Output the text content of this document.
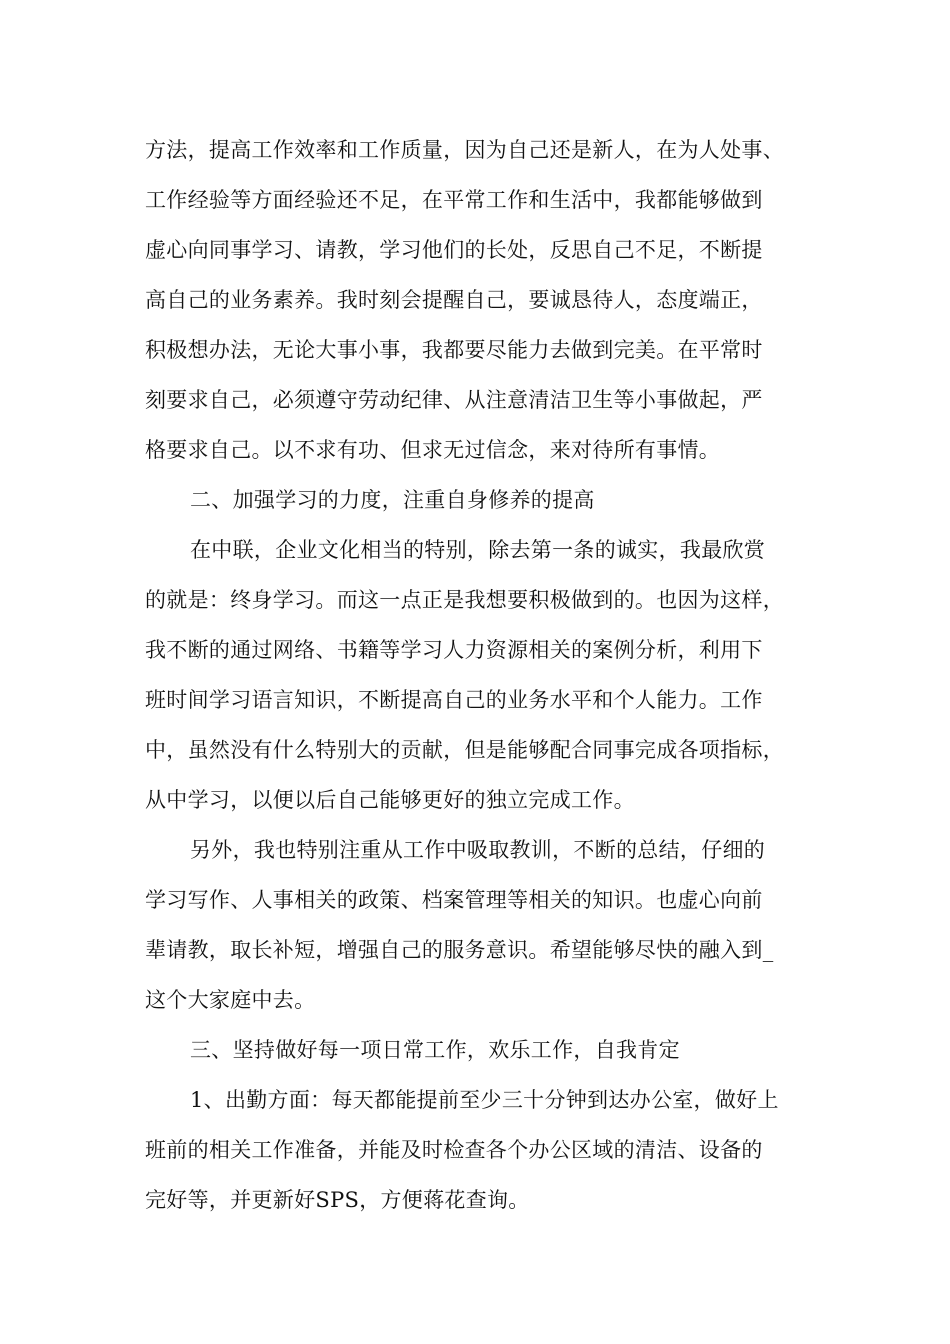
方法，提高工作效率和工作质量，因为自己还是新人，在为人处事、
工作经验等方面经验还不足，在平常工作和生活中，我都能够做到
虚心向同事学习、请教，学习他们的长处，反思自己不足，不断提
高自己的业务素养。我时刻会提醒自己，要诚恳待人，态度端正，
积极想办法，无论大事小事，我都要尽能力去做到完美。在平常时
刻要求自己，必须遵守劳动纪律、从注意清洁卫生等小事做起，严
格要求自己。以不求有功、但求无过信念，来对待所有事情。
二、加强学习的力度，注重自身修养的提高
在中联，企业文化相当的特别，除去第一条的诚实，我最欣赏
的就是：终身学习。而这一点正是我想要积极做到的。也因为这样，
我不断的通过网络、书籍等学习人力资源相关的案例分析，利用下
班时间学习语言知识，不断提高自己的业务水平和个人能力。工作
中，虽然没有什么特别大的贡献，但是能够配合同事完成各项指标，
从中学习，以便以后自己能够更好的独立完成工作。
另外，我也特别注重从工作中吸取教训，不断的总结，仔细的
学习写作、人事相关的政策、档案管理等相关的知识。也虚心向前
辈请教，取长补短，增强自己的服务意识。希望能够尽快的融入到_
这个大家庭中去。
三、坚持做好每一项日常工作，欢乐工作，自我肯定
1、出勤方面：每天都能提前至少三十分钟到达办公室，做好上
班前的相关工作准备，并能及时检查各个办公区域的清洁、设备的
完好等，并更新好SPS，方便蒋花查询。
